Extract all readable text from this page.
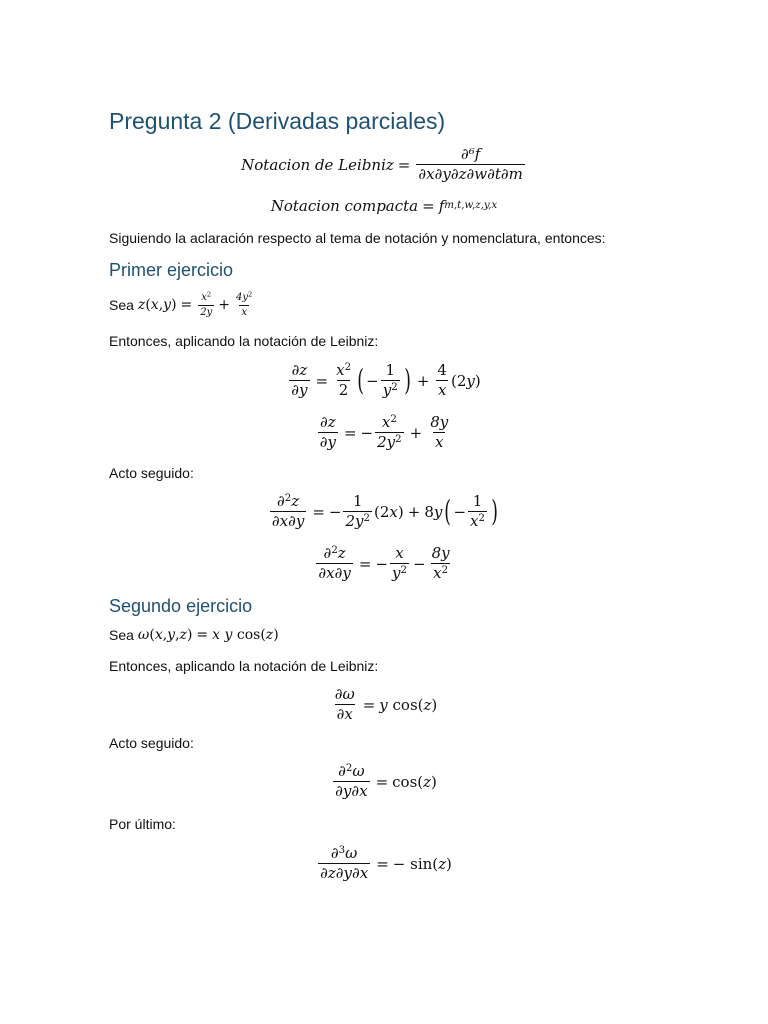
Pregunta 2 (Derivadas parciales)
Notacion de Leibniz = $\frac{\text{∂⁶f}}{\partial x\partial y\partial z\partial w\partial t\partial m}$
Notacion compacta = f m,t,w,z,y,x
Siguiendo la aclaración respecto al tema de notación y nomenclatura, entonces:
Primer ejercicio
Sea z ( x , y ) = $\frac{x^2}{2y} + \frac{4y^2}{x}$
Entonces, aplicando la notación de Leibniz:
$\frac{\partial z}{\partial y} = \frac{x^2}{2}$ ( − $\frac{1}{y^2}$ ) + $\frac{4}{x} (2$ y )
$\frac{\partial z}{\partial y}$ = − $\frac{x^2}{2y^2} + \frac{8y}{x}$
Acto seguido:
$\frac{\partial^2z}{\partial x\partial y}$ = − $\frac{1}{2y^2} (2$ x ) + 8 y ( − $\frac{1}{x^2}$ )
$\frac{\partial^2z}{\partial x\partial y}$ = − $\frac{x}{y^2} - \frac{8y}{x^2}$
Segundo ejercicio
Sea ω ( x , y , z ) = x
y cos( z )
Entonces, aplicando la notación de Leibniz:
$\frac{\partial\omega}{\partial x} = y$ cos( z )
Acto seguido:
$\frac{\partial^2\omega}{\partial y\partial x} = \cos$( z )
Por último:
$\frac{\partial^3\omega}{\partial z\partial y\partial x}$ = − sin( z )
